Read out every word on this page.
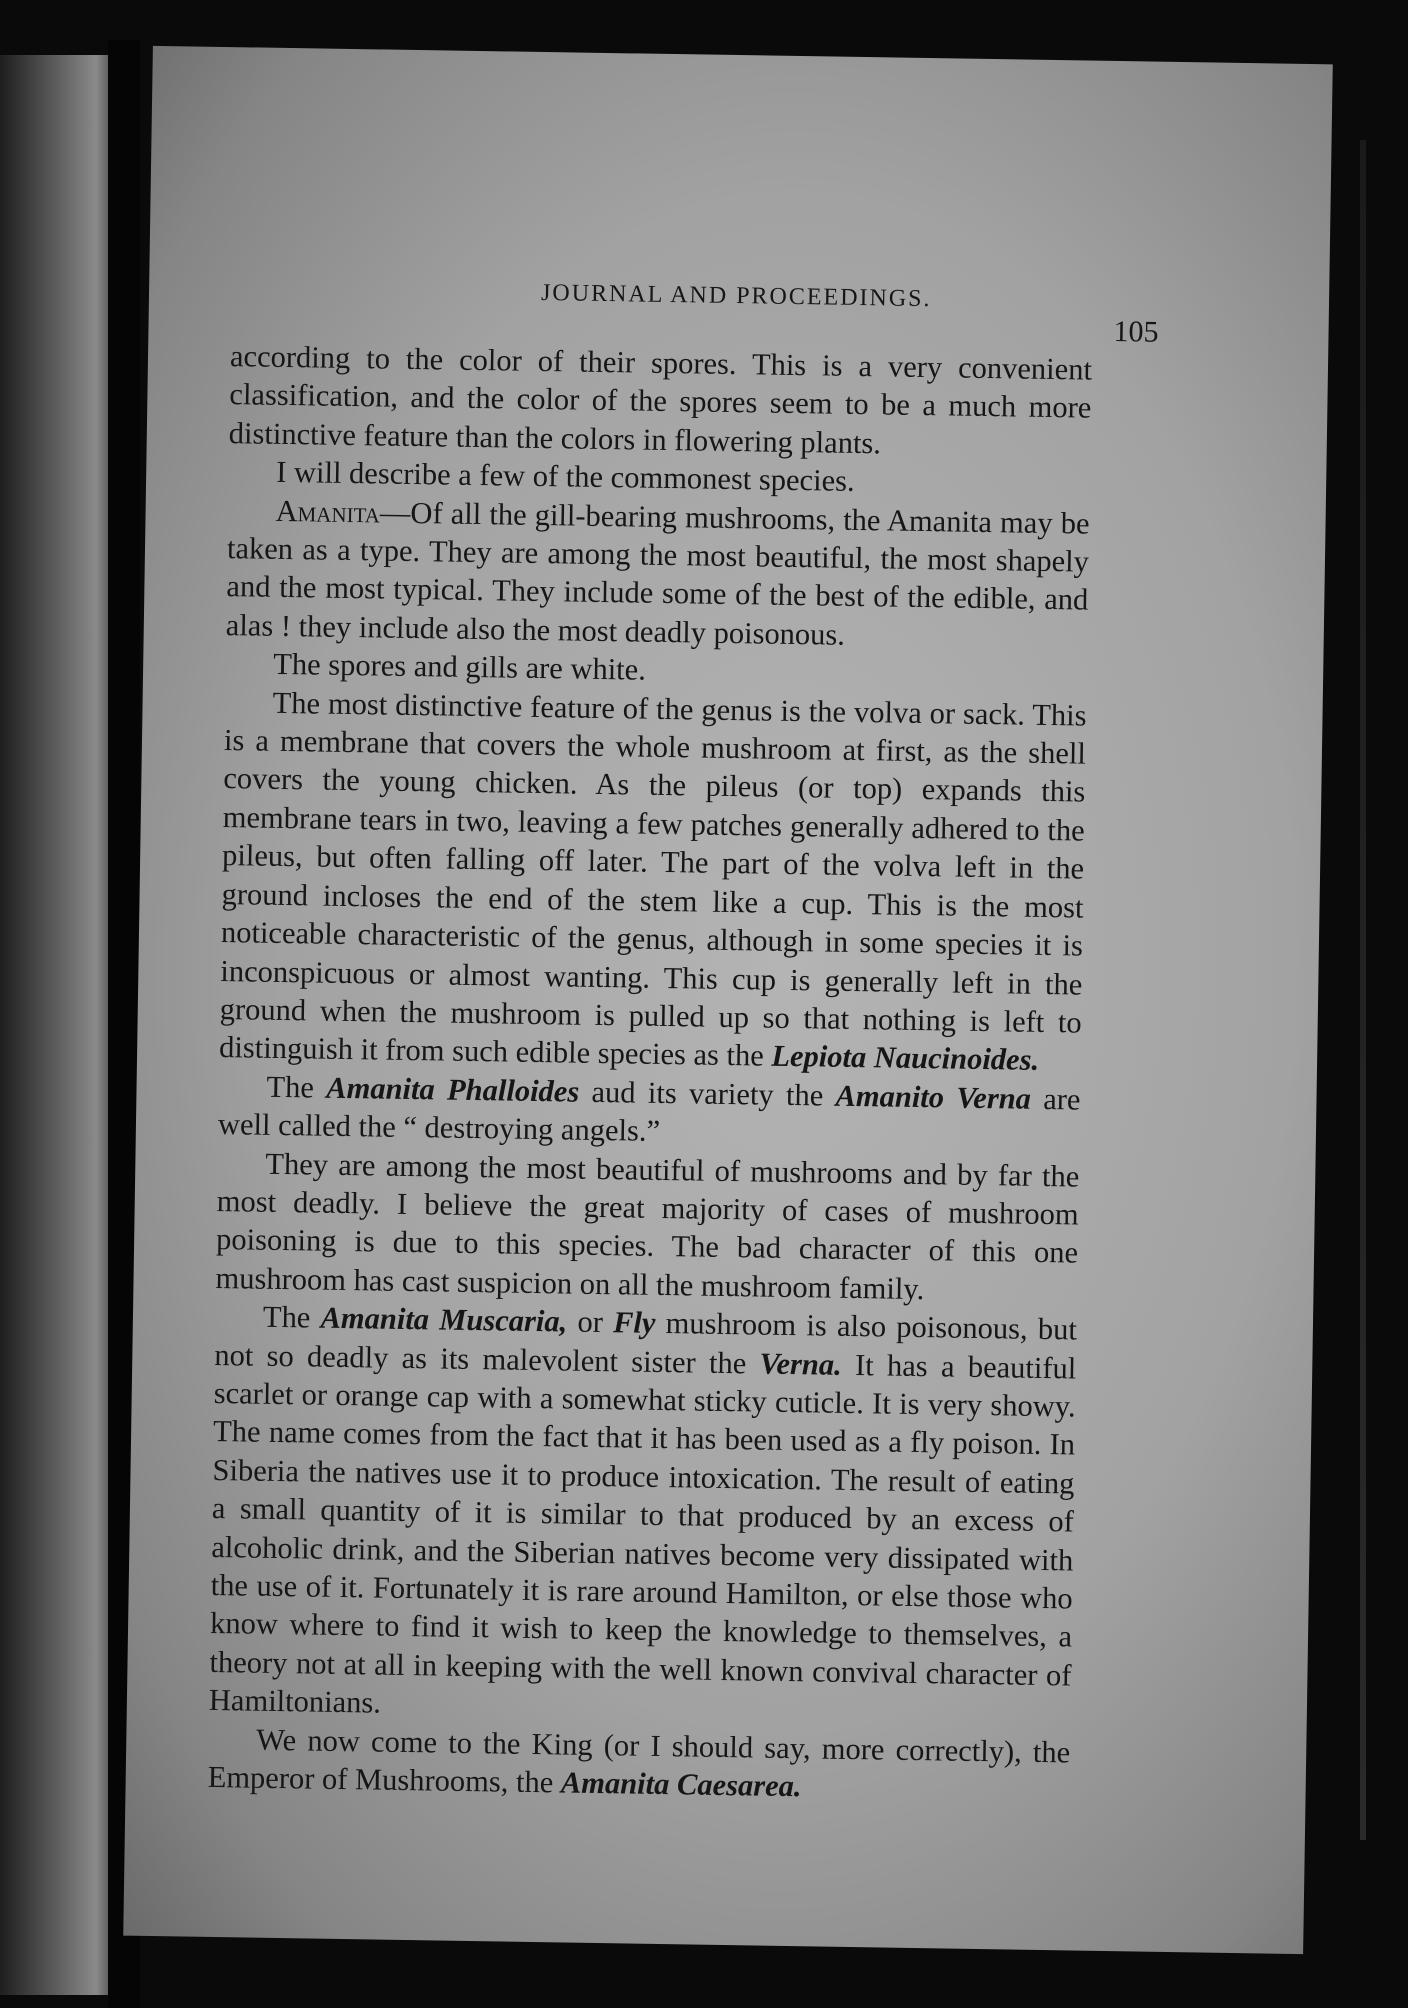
JOURNAL AND PROCEEDINGS.
105

according to the color of their spores. This is a very convenient classification, and the color of the spores seem to be a much more distinctive feature than the colors in flowering plants.

I will describe a few of the commonest species.

Amanita—Of all the gill-bearing mushrooms, the Amanita may be taken as a type. They are among the most beautiful, the most shapely and the most typical. They include some of the best of the edible, and alas ! they include also the most deadly poisonous.

The spores and gills are white.

The most distinctive feature of the genus is the volva or sack. This is a membrane that covers the whole mushroom at first, as the shell covers the young chicken. As the pileus (or top) expands this membrane tears in two, leaving a few patches generally adhered to the pileus, but often falling off later. The part of the volva left in the ground incloses the end of the stem like a cup. This is the most noticeable characteristic of the genus, although in some species it is inconspicuous or almost wanting. This cup is generally left in the ground when the mushroom is pulled up so that nothing is left to distinguish it from such edible species as the Lepiota Naucinoides.

The Amanita Phalloides aud its variety the Amanito Verna are well called the “ destroying angels.”

They are among the most beautiful of mushrooms and by far the most deadly. I believe the great majority of cases of mushroom poisoning is due to this species. The bad character of this one mushroom has cast suspicion on all the mushroom family.

The Amanita Muscaria, or Fly mushroom is also poisonous, but not so deadly as its malevolent sister the Verna. It has a beautiful scarlet or orange cap with a somewhat sticky cuticle. It is very showy. The name comes from the fact that it has been used as a fly poison. In Siberia the natives use it to produce intoxication. The result of eating a small quantity of it is similar to that produced by an excess of alcoholic drink, and the Siberian natives become very dissipated with the use of it. Fortunately it is rare around Hamilton, or else those who know where to find it wish to keep the knowledge to themselves, a theory not at all in keeping with the well known convival character of Hamiltonians.

We now come to the King (or I should say, more correctly), the Emperor of Mushrooms, the Amanita Caesarea.
